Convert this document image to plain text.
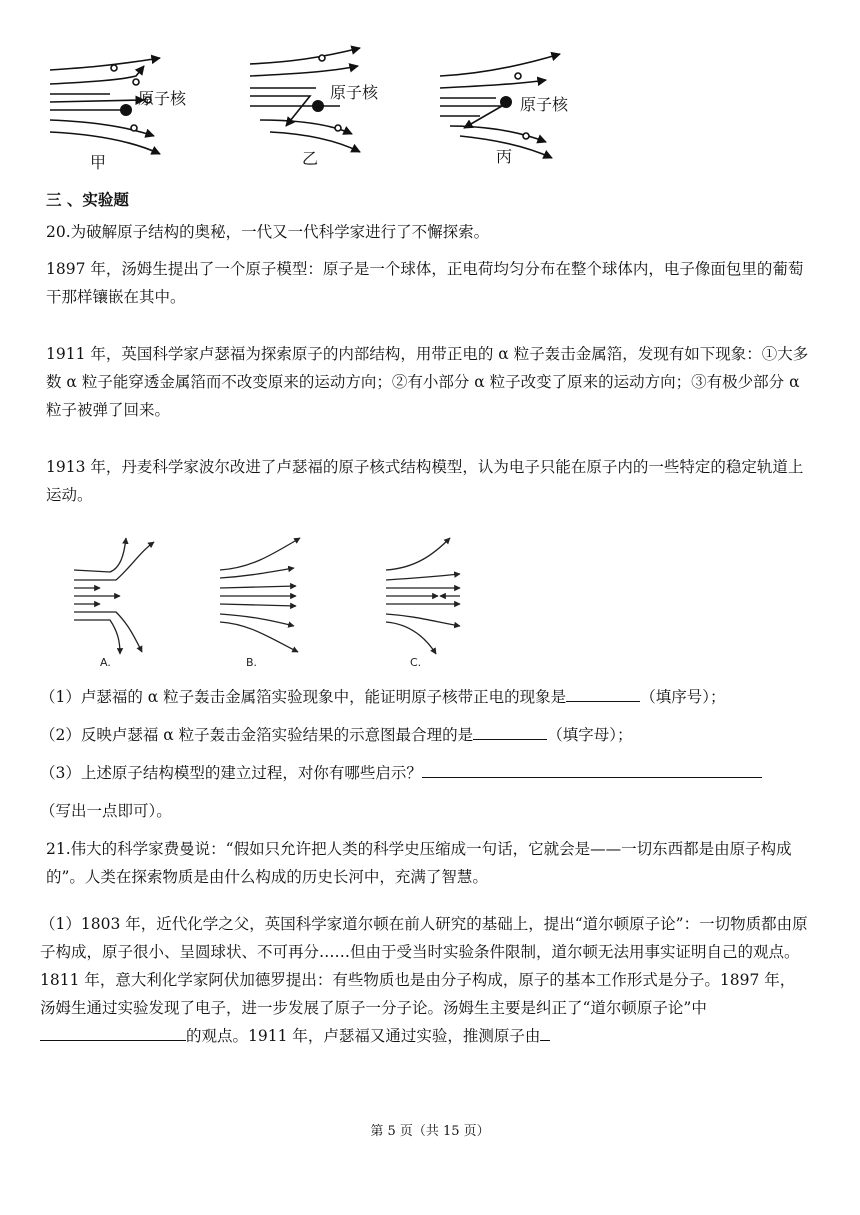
原子核
甲
原子核
乙
原子核
丙
三 、实验题
20.为破解原子结构的奥秘，一代又一代科学家进行了不懈探索。
1897 年，汤姆生提出了一个原子模型：原子是一个球体，正电荷均匀分布在整个球体内，电子像面包里的葡萄干那样镶嵌在其中。
1911 年，英国科学家卢瑟福为探索原子的内部结构，用带正电的 α 粒子轰击金属箔，发现有如下现象：①大多数 α 粒子能穿透金属箔而不改变原来的运动方向；②有小部分 α 粒子改变了原来的运动方向；③有极少部分 α 粒子被弹了回来。
1913 年，丹麦科学家波尔改进了卢瑟福的原子核式结构模型，认为电子只能在原子内的一些特定的稳定轨道上运动。
A.	B.	C.
（1）卢瑟福的 α 粒子轰击金属箔实验现象中，能证明原子核带正电的现象是	（填序号）；
（2）反映卢瑟福 α 粒子轰击金箔实验结果的示意图最合理的是	（填字母）；
（3）上述原子结构模型的建立过程，对你有哪些启示？
（写出一点即可）。
21.伟大的科学家费曼说：“假如只允许把人类的科学史压缩成一句话，它就会是——一切东西都是由原子构成的”。人类在探索物质是由什么构成的历史长河中，充满了智慧。
（1）1803 年，近代化学之父，英国科学家道尔顿在前人研究的基础上，提出“道尔顿原子论”：一切物质都由原子构成，原子很小、呈圆球状、不可再分……但由于受当时实验条件限制，道尔顿无法用事实证明自己的观点。1811 年，意大利化学家阿伏加德罗提出：有些物质也是由分子构成，原子的基本工作形式是分子。1897 年，汤姆生通过实验发现了电子，进一步发展了原子一分子论。汤姆生主要是纠正了“道尔顿原子论”中的观点。1911 年，卢瑟福又通过实验，推测原子由
第 5 页（共 15 页）
